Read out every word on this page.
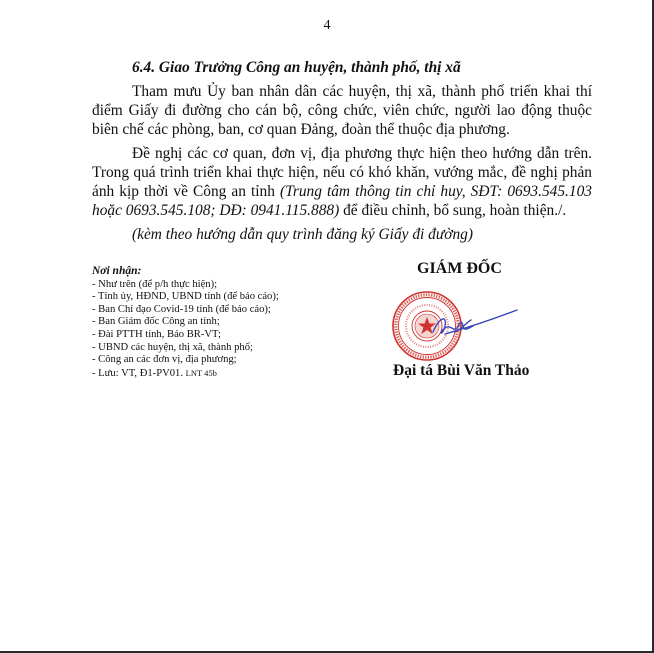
4
6.4. Giao Trưởng Công an huyện, thành phố, thị xã
Tham mưu Ủy ban nhân dân các huyện, thị xã, thành phố triển khai thí điểm Giấy đi đường cho cán bộ, công chức, viên chức, người lao động thuộc biên chế các phòng, ban, cơ quan Đảng, đoàn thể thuộc địa phương.
Đề nghị các cơ quan, đơn vị, địa phương thực hiện theo hướng dẫn trên. Trong quá trình triển khai thực hiện, nếu có khó khăn, vướng mắc, đề nghị phản ánh kịp thời về Công an tỉnh (Trung tâm thông tin chỉ huy, SĐT: 0693.545.103 hoặc 0693.545.108; DĐ: 0941.115.888) để điều chỉnh, bổ sung, hoàn thiện./.
(kèm theo hướng dẫn quy trình đăng ký Giấy đi đường)
Nơi nhận:
- Như trên (để p/h thực hiện);
- Tỉnh ủy, HĐND, UBND tỉnh (để báo cáo);
- Ban Chỉ đạo Covid-19 tỉnh (để báo cáo);
- Ban Giám đốc Công an tỉnh;
- Đài PTTH tỉnh, Báo BR-VT;
- UBND các huyện, thị xã, thành phố;
- Công an các đơn vị, địa phương;
- Lưu: VT, Đ1-PV01. LNT 45b
GIÁM ĐỐC
Đại tá Bùi Văn Thảo
